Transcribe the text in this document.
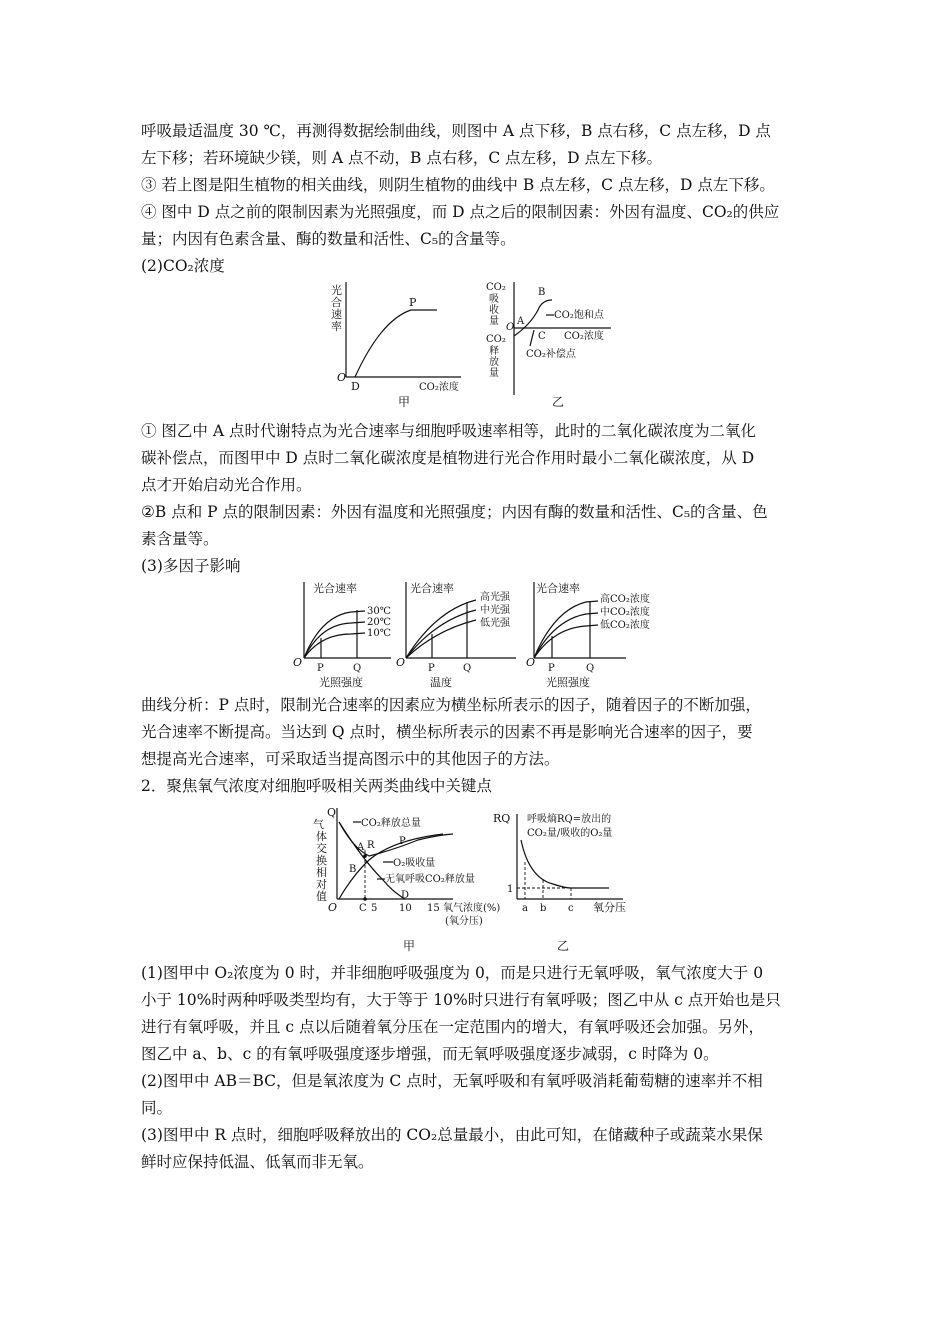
呼吸最适温度 30 ℃，再测得数据绘制曲线，则图中 A 点下移，B 点右移，C 点左移，D 点

左下移；若环境缺少镁，则 A 点不动，B 点右移，C 点左移，D 点左下移。

③ 若上图是阳生植物的相关曲线，则阴生植物的曲线中 B 点左移，C 点左移，D 点左下移。

④ 图中 D 点之前的限制因素为光照强度，而 D 点之后的限制因素：外因有温度、CO₂的供应

量；内因有色素含量、酶的数量和活性、C₅的含量等。

(2)CO₂浓度

光
合
速
率
P
O
D	CO₂浓度
甲
CO₂
吸
收
量
CO₂
释
放
量
O
A
B
C
CO₂饱和点
CO₂浓度
CO₂补偿点
乙

① 图乙中 A 点时代谢特点为光合速率与细胞呼吸速率相等，此时的二氧化碳浓度为二氧化

碳补偿点，而图甲中 D 点时二氧化碳浓度是植物进行光合作用时最小二氧化碳浓度，从 D

点才开始启动光合作用。

②B 点和 P 点的限制因素：外因有温度和光照强度；内因有酶的数量和活性、C₅的含量、色

素含量等。

(3)多因子影响

光合速率
30℃
20℃
10℃
O P	Q
光照强度
光合速率
高光强
中光强
低光强
O P	Q
温度
光合速率
高CO₂浓度
中CO₂浓度
低CO₂浓度
O P	Q
光照强度

曲线分析：P 点时，限制光合速率的因素应为横坐标所表示的因子，随着因子的不断加强，

光合速率不断提高。当达到 Q 点时，横坐标所表示的因素不再是影响光合速率的因子，要

想提高光合速率，可采取适当提高图示中的其他因子的方法。

2．聚焦氧气浓度对细胞呼吸相关两类曲线中关键点

Q
气
体
交
换
相
对
值
CO₂释放总量
A R P
O₂吸收量
B
无氧呼吸CO₂释放量
O C
D
5 10 15 氧气浓度(%)
(氧分压)
甲
RQ 呼吸熵RQ=放出的
CO₂量/吸收的O₂量
1
a b c 氧分压
乙

(1)图甲中 O₂浓度为 0 时，并非细胞呼吸强度为 0，而是只进行无氧呼吸，氧气浓度大于 0

小于 10%时两种呼吸类型均有，大于等于 10%时只进行有氧呼吸；图乙中从 c 点开始也是只

进行有氧呼吸，并且 c 点以后随着氧分压在一定范围内的增大，有氧呼吸还会加强。另外，

图乙中 a、b、c 的有氧呼吸强度逐步增强，而无氧呼吸强度逐步减弱，c 时降为 0。

(2)图甲中 AB＝BC，但是氧浓度为 C 点时，无氧呼吸和有氧呼吸消耗葡萄糖的速率并不相

同。

(3)图甲中 R 点时，细胞呼吸释放出的 CO₂总量最小，由此可知，在储藏种子或蔬菜水果保

鲜时应保持低温、低氧而非无氧。
